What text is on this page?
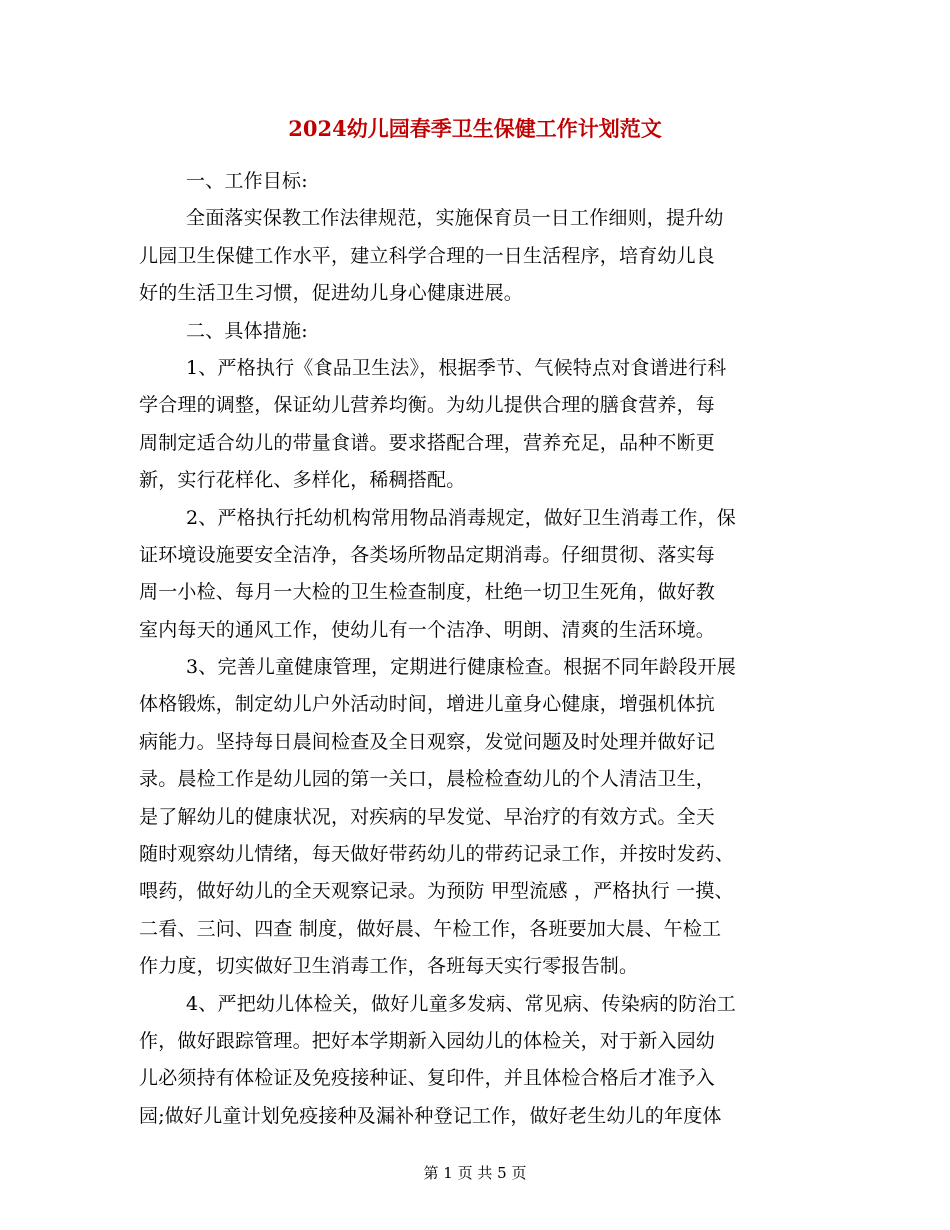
2024幼儿园春季卫生保健工作计划范文
一、工作目标:
全面落实保教工作法律规范，实施保育员一日工作细则，提升幼
儿园卫生保健工作水平，建立科学合理的一日生活程序，培育幼儿良
好的生活卫生习惯，促进幼儿身心健康进展。
二、具体措施:
1、严格执行《食品卫生法》，根据季节、气候特点对食谱进行科
学合理的调整，保证幼儿营养均衡。为幼儿提供合理的膳食营养，每
周制定适合幼儿的带量食谱。要求搭配合理，营养充足，品种不断更
新，实行花样化、多样化，稀稠搭配。
2、严格执行托幼机构常用物品消毒规定，做好卫生消毒工作，保
证环境设施要安全洁净，各类场所物品定期消毒。仔细贯彻、落实每
周一小检、每月一大检的卫生检查制度，杜绝一切卫生死角，做好教
室内每天的通风工作，使幼儿有一个洁净、明朗、清爽的生活环境。
3、完善儿童健康管理，定期进行健康检查。根据不同年龄段开展
体格锻炼，制定幼儿户外活动时间，增进儿童身心健康，增强机体抗
病能力。坚持每日晨间检查及全日观察，发觉问题及时处理并做好记
录。晨检工作是幼儿园的第一关口，晨检检查幼儿的个人清洁卫生，
是了解幼儿的健康状况，对疾病的早发觉、早治疗的有效方式。全天
随时观察幼儿情绪，每天做好带药幼儿的带药记录工作，并按时发药、
喂药，做好幼儿的全天观察记录。为预防 甲型流感 ，严格执行 一摸、
二看、三问、四查 制度，做好晨、午检工作，各班要加大晨、午检工
作力度，切实做好卫生消毒工作，各班每天实行零报告制。
4、严把幼儿体检关，做好儿童多发病、常见病、传染病的防治工
作，做好跟踪管理。把好本学期新入园幼儿的体检关，对于新入园幼
儿必须持有体检证及免疫接种证、复印件，并且体检合格后才准予入
园;做好儿童计划免疫接种及漏补种登记工作，做好老生幼儿的年度体
第 1 页 共 5 页
